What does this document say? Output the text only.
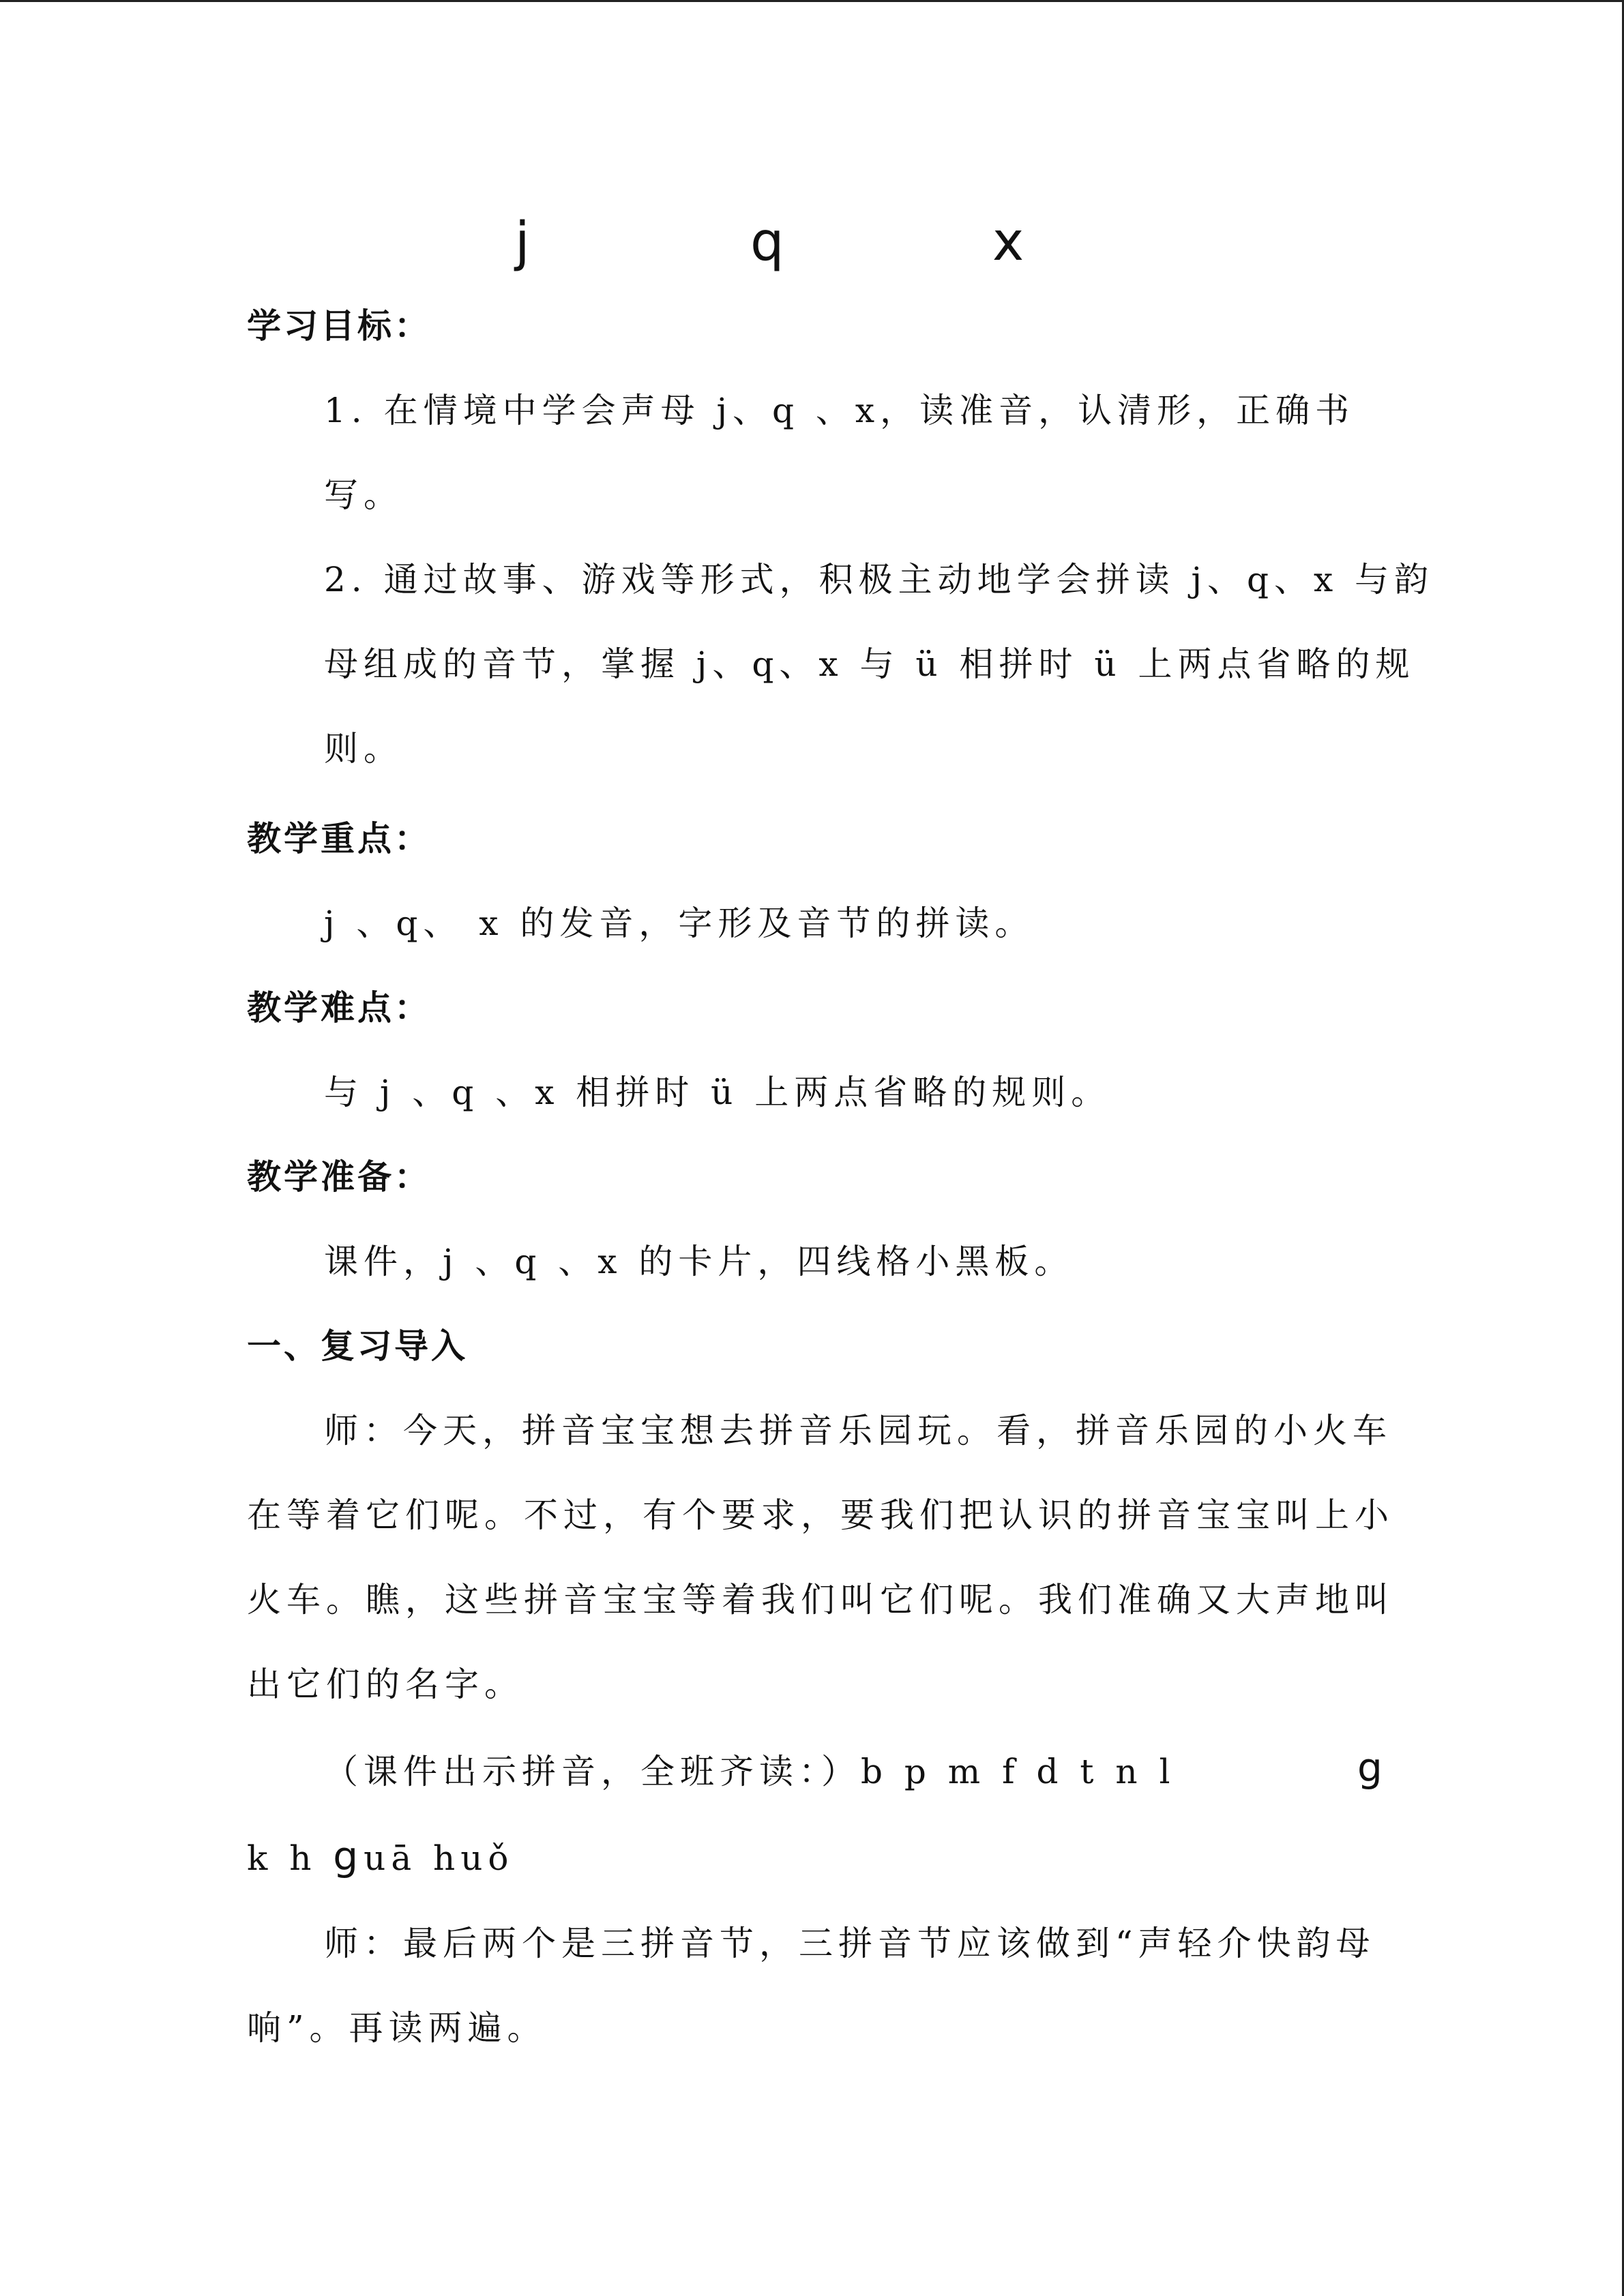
j	q	x
学习目标：
1. 在情境中学会声母 j、q 、x，读准音，认清形，正确书
写。
2. 通过故事、游戏等形式，积极主动地学会拼读 j、q、x 与韵
母组成的音节，掌握 j、q、x 与 ü 相拼时 ü 上两点省略的规
则。
教学重点：
j 、q、 x 的发音，字形及音节的拼读。
教学难点：
与 j 、q 、x 相拼时 ü 上两点省略的规则。
教学准备：
课件，j 、q 、x 的卡片，四线格小黑板。
一、复习导入
师：今天，拼音宝宝想去拼音乐园玩。看，拼音乐园的小火车
在等着它们呢。不过，有个要求，要我们把认识的拼音宝宝叫上小
火车。瞧，这些拼音宝宝等着我们叫它们呢。我们准确又大声地叫
出它们的名字。
（课件出示拼音，全班齐读：）b p m f d t n l	g
k h guā huǒ
师：最后两个是三拼音节，三拼音节应该做到“声轻介快韵母
响”。再读两遍。
